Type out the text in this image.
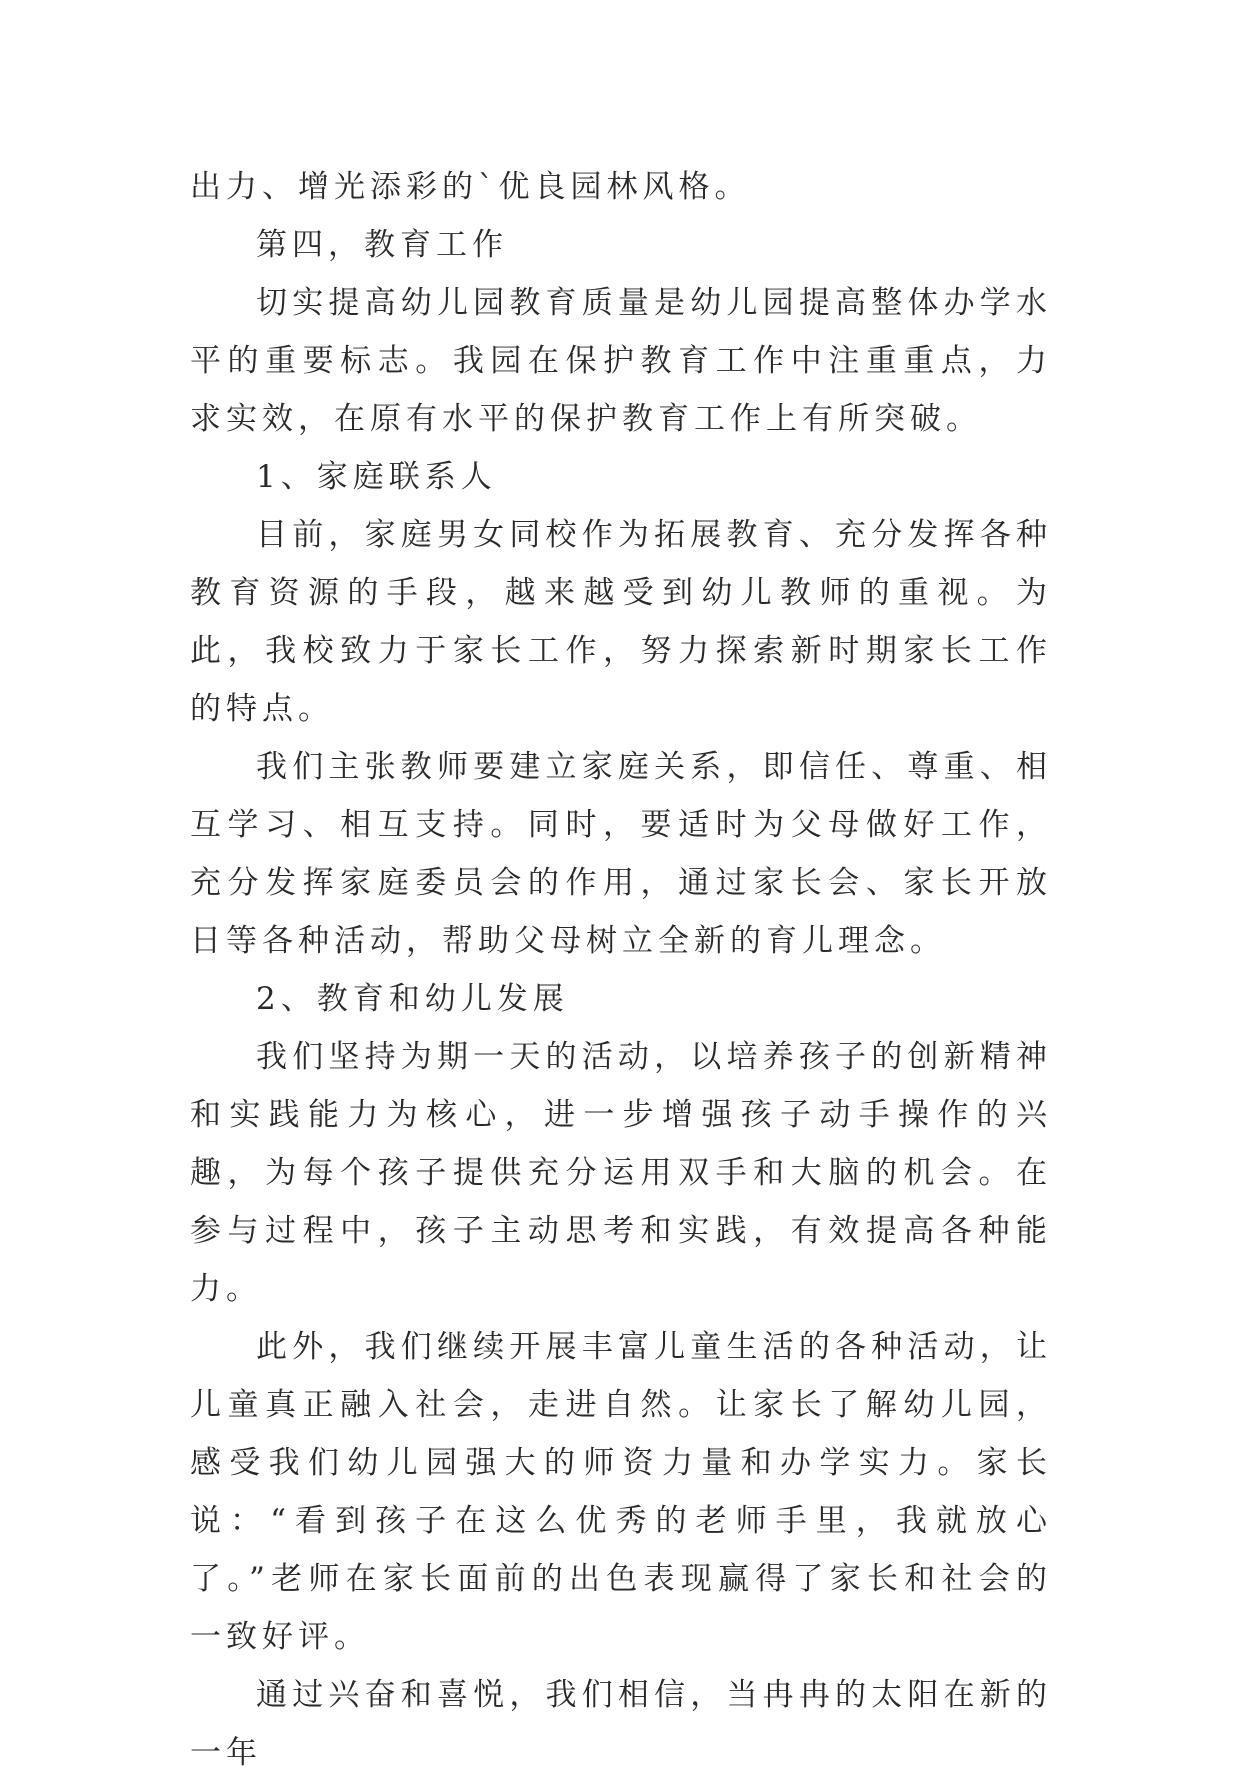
出力、增光添彩的`优良园林风格。

第四，教育工作

切实提高幼儿园教育质量是幼儿园提高整体办学水平的重要标志。我园在保护教育工作中注重重点，力求实效，在原有水平的保护教育工作上有所突破。

1、家庭联系人

目前，家庭男女同校作为拓展教育、充分发挥各种教育资源的手段，越来越受到幼儿教师的重视。为此，我校致力于家长工作，努力探索新时期家长工作的特点。

我们主张教师要建立家庭关系，即信任、尊重、相互学习、相互支持。同时，要适时为父母做好工作，充分发挥家庭委员会的作用，通过家长会、家长开放日等各种活动，帮助父母树立全新的育儿理念。

2、教育和幼儿发展

我们坚持为期一天的活动，以培养孩子的创新精神和实践能力为核心，进一步增强孩子动手操作的兴趣，为每个孩子提供充分运用双手和大脑的机会。在参与过程中，孩子主动思考和实践，有效提高各种能力。

此外，我们继续开展丰富儿童生活的各种活动，让儿童真正融入社会，走进自然。让家长了解幼儿园，感受我们幼儿园强大的师资力量和办学实力。家长说：“看到孩子在这么优秀的老师手里，我就放心了。”老师在家长面前的出色表现赢得了家长和社会的一致好评。

通过兴奋和喜悦，我们相信，当冉冉的太阳在新的一年
